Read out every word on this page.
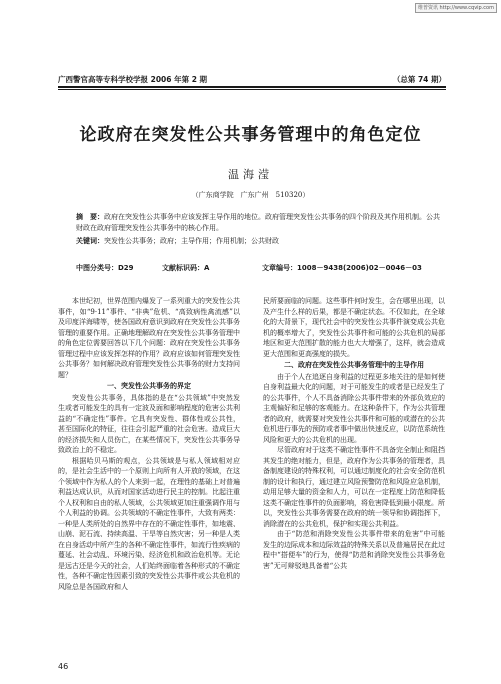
维普资讯 http://www.cqvip.com
广西警官高等专科学校学报 2006 年第 2 期	（总第 74 期）
论政府在突发性公共事务管理中的角色定位
温海滢
（广东商学院　广东广州　510320）
摘　要：政府在突发性公共事务中应该发挥主导作用的地位。政府管理突发性公共事务的四个阶段及其作用机制。公共财政在政府管理突发性公共事务中的核心作用。
关键词：突发性公共事务；政府；主导作用；作用机制；公共财政
中图分类号：D29	文献标识码：A	文章编号：1008－9438(2006)02－0046－03

本世纪初，世界范围内爆发了一系列重大的突发性公共事件，如“9·11”事件、“非典”危机、“高致病性禽流感”以及印度洋海啸等，使各国政府意识到政府在突发性公共事务管理的重要作用。正确地理解政府在突发性公共事务管理中的角色定位需要回答以下几个问题：政府在突发性公共事务管理过程中应该发挥怎样的作用？政府应该如何管理突发性公共事务？如何解决政府管理突发性公共事务的财力支持问题？

一、突发性公共事务的界定

突发性公共事务，具体指的是在“公共领域”中突然发生或者可能发生的具有一定波及面和影响程度的危害公共利益的“不确定性”事件。它具有突发性、群体性或公共性，甚至国际化的特征，往往会引起严重的社会危害。造成巨大的经济损失和人员伤亡，在某些情况下，突发性公共事务导致政治上的不稳定。

根据哈贝马斯的观点，公共领域是与私人领域相对应的，是社会生活中的一个原则上向所有人开放的领域，在这个领域中作为私人的个人来到一起，在理性的基础上对普遍利益达成认识，从而对国家活动进行民主的控制。比起注重个人权利和自由的私人领域，公共领域更加注重强调作用与个人利益的协调。公共领域的不确定性事件，大致有两类：一种是人类所处的自然界中存在的不确定性事件，如地震、山崩、泥石流、持续高温、干旱等自然灾害；另一种是人类在自身活动中所产生的各种不确定性事件，如流行性疾病的蔓延、社会动乱、环境污染、经济危机和政治危机等。无论是远古还是今天的社会，人们始终面临着各种形式的不确定性，各种不确定性因素引致的突发性公共事件或公共危机的风险总是各国政府和人

民所要面临的问题。这些事件何时发生，会在哪里出现，以及产生什么样的后果，都是不确定状态。不仅如此，在全球化的大背景下，现代社会中的突发性公共事件演变成公共危机的概率增大了，突发性公共事件和可能的公共危机的局部地区和更大范围扩散的能力也大大增强了，这样，就会造成更大范围和更高强度的损失。

二、政府在突发性公共事务管理中的主导作用

由于个人在追逐自身利益的过程更多地关注的是如何使自身利益最大化的问题，对于可能发生的或者是已经发生了的公共事件，个人不具备消除公共事件带来的外部负效应的主观偏好和足够的客观能力。在这种条件下，作为公共管理者的政府，就需要对突发性公共事件和可能的或潜在的公共危机进行事先的预防或者事中做出快速反应，以防范系统性风险和更大的公共危机的出现。

尽管政府对于这类不确定性事件不具备完全制止和阻挡其发生的绝对能力，但是，政府作为公共事务的管理者，具备制度建设的特殊权利，可以通过制度化的社会安全防范机制的设计和执行，通过建立风险预警防范和风险应急机制，动用足够大量的资金和人力，可以在一定程度上防范和降低这类不确定性事件的负面影响，将危害降低到最小限度。所以，突发性公共事务需要在政府的统一领导和协调指挥下，消除潜在的公共危机，保护和实现公共利益。

由于“防范和消除突发性公共事件带来的危害”中可能发生的边际成本和边际效益的特殊关系以及普遍居民在此过程中“搭便车”的行为，使得“防范和消除突发性公共事务危害”无可辩驳地具备着“公共

46
